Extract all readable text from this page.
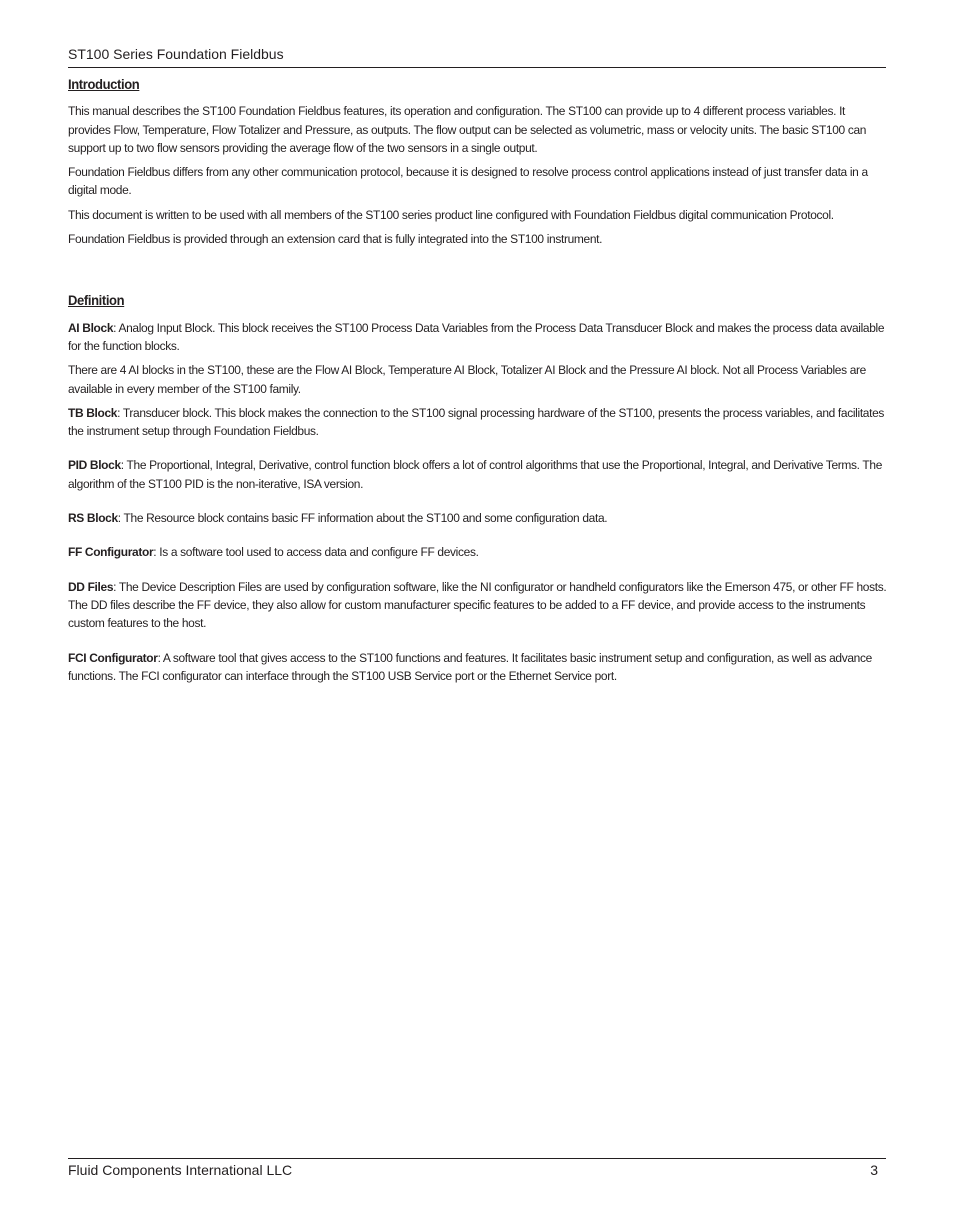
ST100 Series Foundation Fieldbus
Introduction

This manual describes the ST100 Foundation Fieldbus features, its operation and configuration. The ST100 can provide up to 4 different process variables. It provides Flow, Temperature, Flow Totalizer and Pressure, as outputs. The flow output can be selected as volumetric, mass or velocity units. The basic ST100 can support up to two flow sensors providing the average flow of the two sensors in a single output.

Foundation Fieldbus differs from any other communication protocol, because it is designed to resolve process control applications instead of just transfer data in a digital mode.

This document is written to be used with all members of the ST100 series product line configured with Foundation Fieldbus digital communication Protocol.

Foundation Fieldbus is provided through an extension card that is fully integrated into the ST100 instrument.

Definition

AI Block: Analog Input Block. This block receives the ST100 Process Data Variables from the Process Data Transducer Block and makes the process data available for the function blocks.

There are 4 AI blocks in the ST100, these are the Flow AI Block, Temperature AI Block, Totalizer AI Block and the Pressure AI block. Not all Process Variables are available in every member of the ST100 family.

TB Block: Transducer block. This block makes the connection to the ST100 signal processing hardware of the ST100, presents the process variables, and facilitates the instrument setup through Foundation Fieldbus.

PID Block: The Proportional, Integral, Derivative, control function block offers a lot of control algorithms that use the Proportional, Integral, and Derivative Terms. The algorithm of the ST100 PID is the non-iterative, ISA version.

RS Block: The Resource block contains basic FF information about the ST100 and some configuration data.

FF Configurator: Is a software tool used to access data and configure FF devices.

DD Files: The Device Description Files are used by configuration software, like the NI configurator or handheld configurators like the Emerson 475, or other FF hosts. The DD files describe the FF device, they also allow for custom manufacturer specific features to be added to a FF device, and provide access to the instruments custom features to the host.

FCI Configurator: A software tool that gives access to the ST100 functions and features. It facilitates basic instrument setup and configuration, as well as advance functions. The FCI configurator can interface through the ST100 USB Service port or the Ethernet Service port.

Fluid Components International LLC	3
